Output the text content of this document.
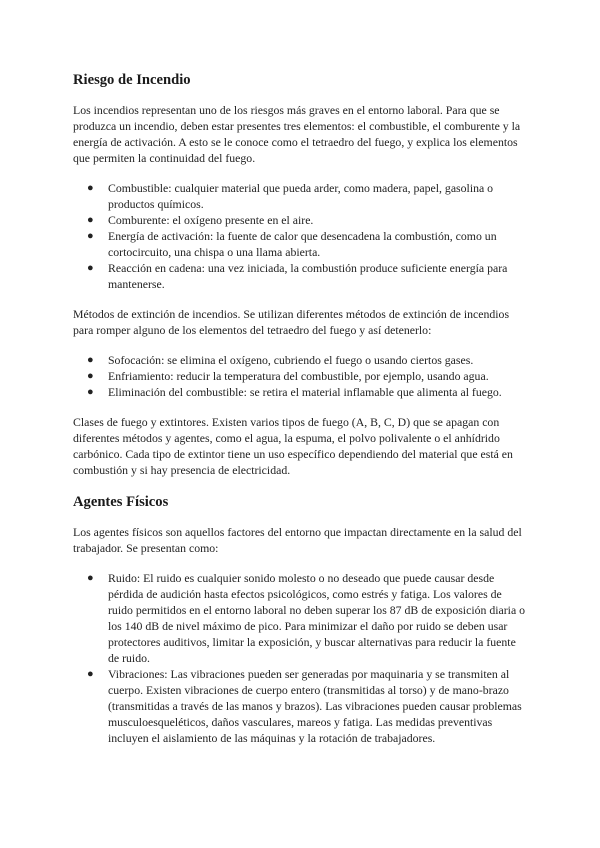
Riesgo de Incendio

Los incendios representan uno de los riesgos más graves en el entorno laboral. Para que se produzca un incendio, deben estar presentes tres elementos: el combustible, el comburente y la energía de activación. A esto se le conoce como el tetraedro del fuego, y explica los elementos que permiten la continuidad del fuego.

● Combustible: cualquier material que pueda arder, como madera, papel, gasolina o productos químicos.
● Comburente: el oxígeno presente en el aire.
● Energía de activación: la fuente de calor que desencadena la combustión, como un cortocircuito, una chispa o una llama abierta.
● Reacción en cadena: una vez iniciada, la combustión produce suficiente energía para mantenerse.

Métodos de extinción de incendios. Se utilizan diferentes métodos de extinción de incendios para romper alguno de los elementos del tetraedro del fuego y así detenerlo:

● Sofocación: se elimina el oxígeno, cubriendo el fuego o usando ciertos gases.
● Enfriamiento: reducir la temperatura del combustible, por ejemplo, usando agua.
● Eliminación del combustible: se retira el material inflamable que alimenta al fuego.

Clases de fuego y extintores. Existen varios tipos de fuego (A, B, C, D) que se apagan con diferentes métodos y agentes, como el agua, la espuma, el polvo polivalente o el anhídrido carbónico. Cada tipo de extintor tiene un uso específico dependiendo del material que está en combustión y si hay presencia de electricidad.

Agentes Físicos

Los agentes físicos son aquellos factores del entorno que impactan directamente en la salud del trabajador. Se presentan como:

● Ruido: El ruido es cualquier sonido molesto o no deseado que puede causar desde pérdida de audición hasta efectos psicológicos, como estrés y fatiga. Los valores de ruido permitidos en el entorno laboral no deben superar los 87 dB de exposición diaria o los 140 dB de nivel máximo de pico. Para minimizar el daño por ruido se deben usar protectores auditivos, limitar la exposición, y buscar alternativas para reducir la fuente de ruido.
● Vibraciones: Las vibraciones pueden ser generadas por maquinaria y se transmiten al cuerpo. Existen vibraciones de cuerpo entero (transmitidas al torso) y de mano-brazo (transmitidas a través de las manos y brazos). Las vibraciones pueden causar problemas musculoesqueléticos, daños vasculares, mareos y fatiga. Las medidas preventivas incluyen el aislamiento de las máquinas y la rotación de trabajadores.
